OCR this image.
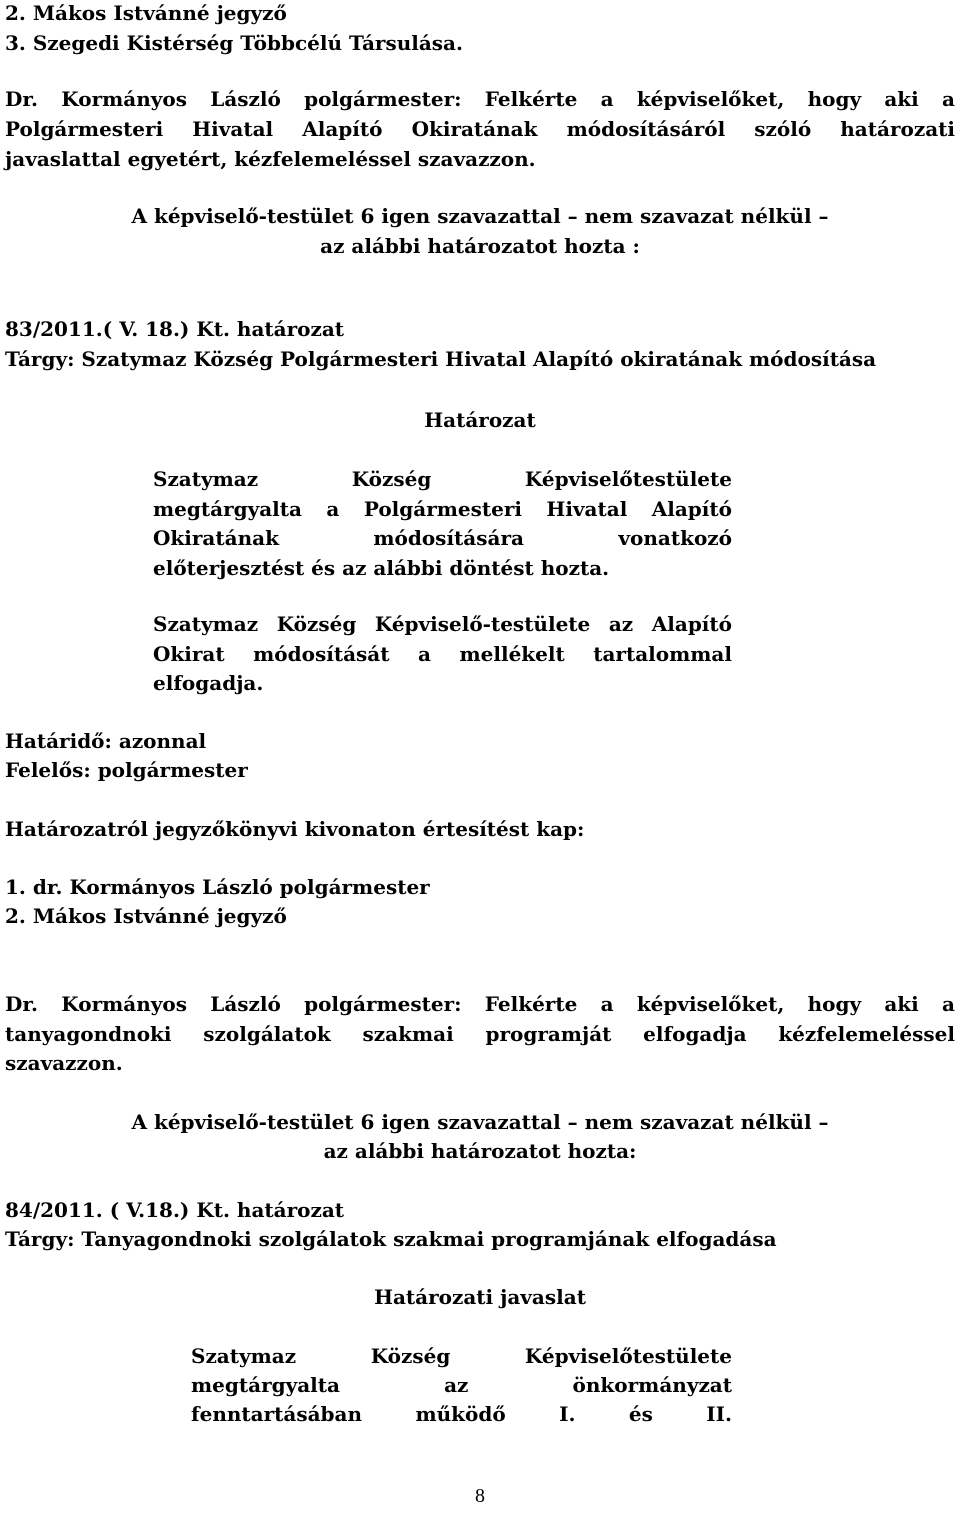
2. Mákos Istvánné jegyző
3. Szegedi Kistérség Többcélú Társulása.
Dr. Kormányos László polgármester: Felkérte a képviselőket, hogy aki a
Polgármesteri Hivatal Alapító Okiratának módosításáról szóló határozati
javaslattal egyetért, kézfelemeléssel szavazzon.
A képviselő-testület 6 igen szavazattal – nem szavazat nélkül –
az alábbi határozatot hozta :
83/2011.( V. 18.) Kt. határozat
Tárgy: Szatymaz Község Polgármesteri Hivatal Alapító okiratának módosítása
Határozat
Szatymaz	Község	Képviselőtestülete
megtárgyalta a Polgármesteri Hivatal Alapító
Okiratának	módosítására	vonatkozó
előterjesztést és az alábbi döntést hozta.
Szatymaz Község Képviselő-testülete az Alapító
Okirat módosítását a mellékelt tartalommal
elfogadja.
Határidő: azonnal
Felelős: polgármester
Határozatról jegyzőkönyvi kivonaton értesítést kap:
1. dr. Kormányos László polgármester
2. Mákos Istvánné jegyző
Dr. Kormányos László polgármester: Felkérte a képviselőket, hogy aki a
tanyagondnoki szolgálatok szakmai programját elfogadja kézfelemeléssel
szavazzon.
A képviselő-testület 6 igen szavazattal – nem szavazat nélkül –
az alábbi határozatot hozta:
84/2011. ( V.18.) Kt. határozat
Tárgy: Tanyagondnoki szolgálatok szakmai programjának elfogadása
Határozati javaslat
Szatymaz	Község	Képviselőtestülete
megtárgyalta	az	önkormányzat
fenntartásában	működő	I.	és	II.
8
